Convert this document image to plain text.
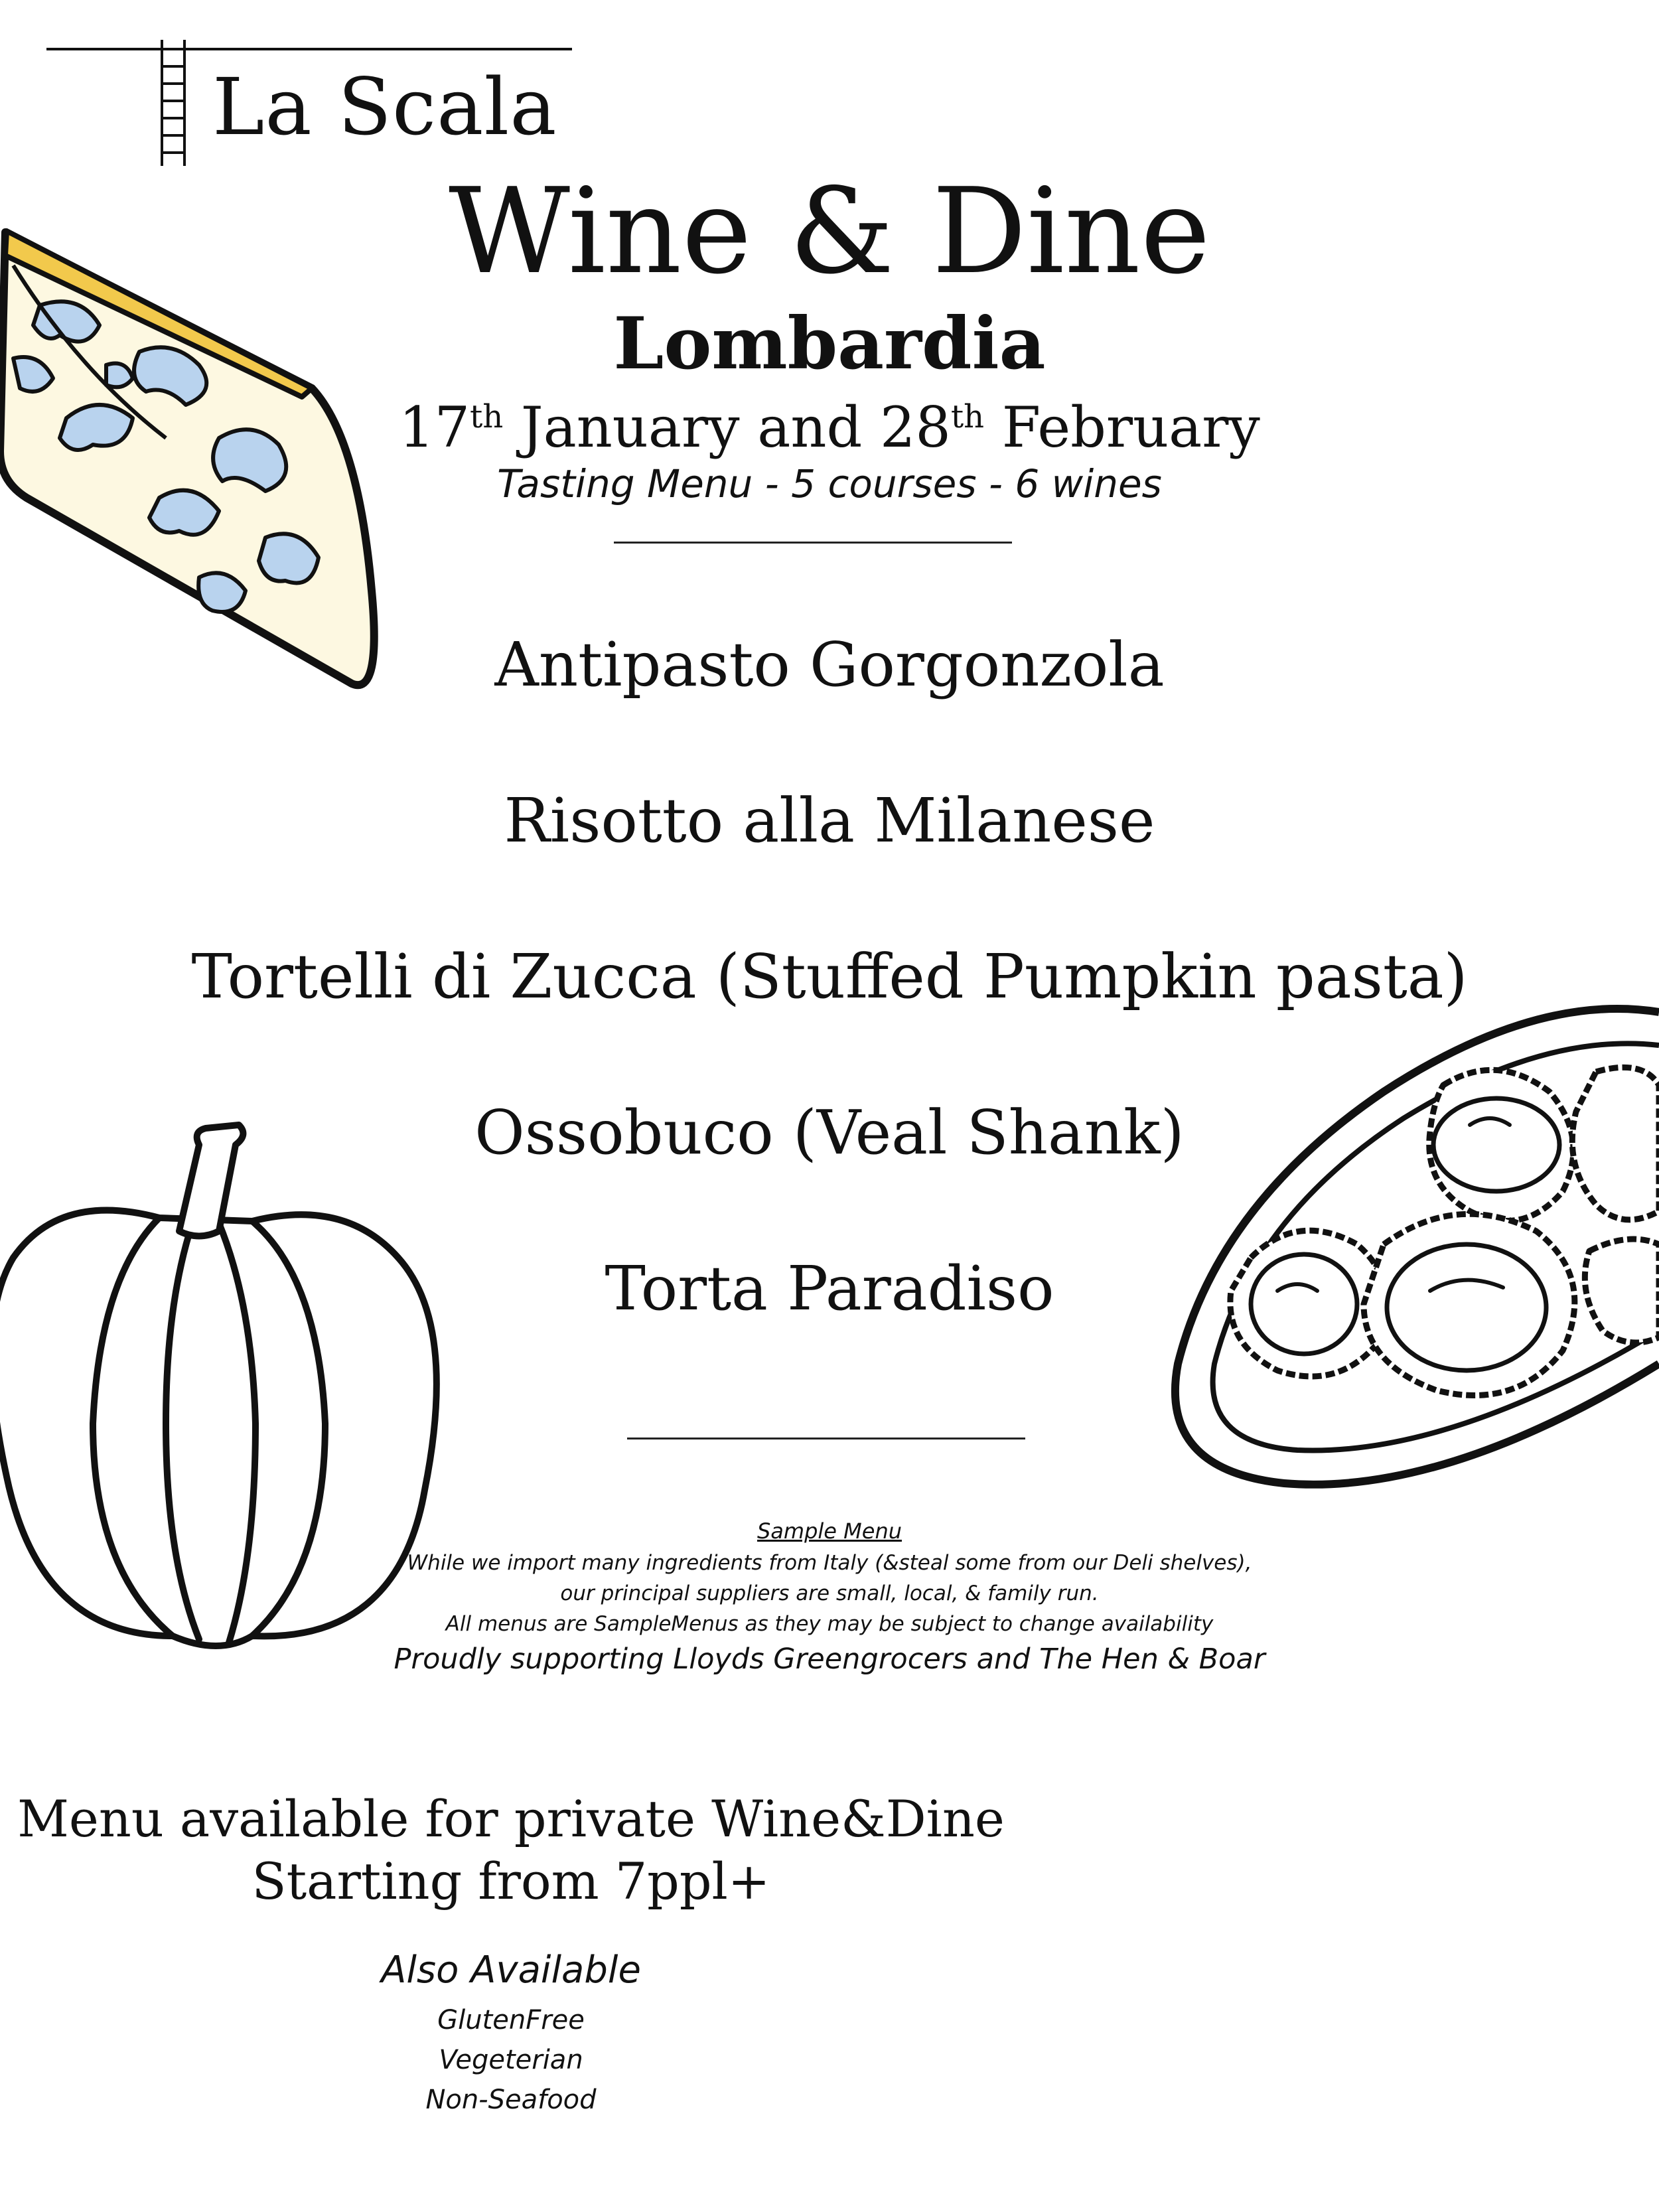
La Scala
Wine & Dine
Lombardia
17th January and 28th February
Tasting Menu - 5 courses - 6 wines
Antipasto Gorgonzola
Risotto alla Milanese
Tortelli di Zucca (Stuffed Pumpkin pasta)
Ossobuco (Veal Shank)
Torta Paradiso
Sample Menu
While we import many ingredients from Italy (&steal some from our Deli shelves),
our principal suppliers are small, local, & family run.
All menus are SampleMenus as they may be subject to change availability
Proudly supporting Lloyds Greengrocers and The Hen & Boar
Menu available for private Wine&Dine
Starting from 7ppl+
Also Available
GlutenFree
Vegeterian
Non-Seafood
